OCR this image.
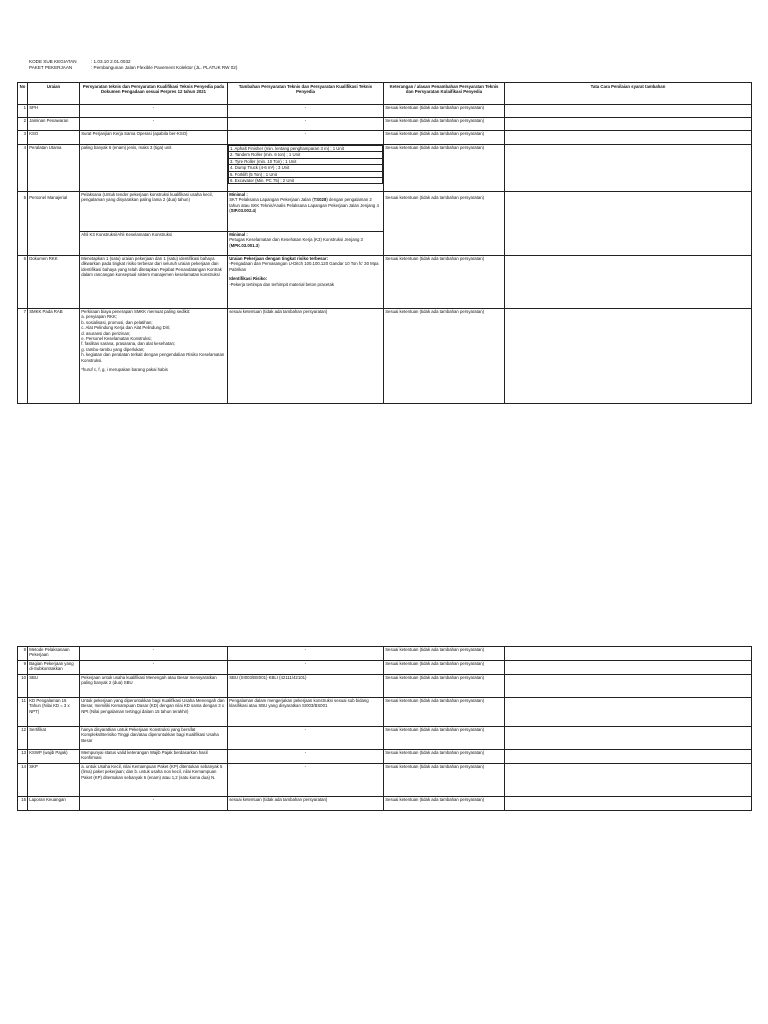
KODE SUB KEGIATAN	: 1.03.10 2.01.0032
PAKET PEKERJAAN	: Pembangunan Jalan Flexible Pavement Kolektor (JL. PLATUK RW 02)
No	Uraian	Persyaratan teknis dan Persyaratan Kualifikasi Teknis Penyedia pada Dokumen Pengadaan sesuai Perpres 12 tahun 2021	Tambahan Persyaratan Teknis dan Persyaratan Kualifikasi Teknis Penyedia	Keterangan / alasan Penambahan Persyaratan Teknis dan Persyaratan Kulaifikasi Penyedia	Tata Cara Penilaian syarat tambahan
1	SPH	-	-	Sesuai ketentuan (tidak ada tambahan persyaratan)	
2	Jaminan Penawaran	-	-	Sesuai ketentuan (tidak ada tambahan persyaratan)	
3	KSO	Surat Perjanjian Kerja Sama Operasi (apabila ber-KSO)	-	Sesuai ketentuan (tidak ada tambahan persyaratan)	
4	Peralatan Utama	paling banyak 6 (enam) jenis, maks 3 (tiga) unit		1. Aphalt Finisher (min. lentang penghamparan 3 m) ; 1 Unit
2. Tandem Roller (min. 6 ton) ; 1 Unit
3. Tyre Roller (min. 10 Ton) ; 1 Unit
4. Dump Truck (4-6 m³) ; 3 Unit
5. Forklift (5 Ton) ; 1 Unit
6. Excavator (Min. PC 75) ; 2 Unit
	Sesuai ketentuan (tidak ada tambahan persyaratan)	
5	Personel Manajerial	Pelaksana (Untuk tender pekerjaan konstruksi kualifikasi usaha kecil, pengalaman yang disyaratkan paling lama 2 (dua) tahun)	
Minimal :
SKT Pelaksana Lapangan Pekerjaan Jalan (TS028) dengan pengalaman 2 tahun atau SKK Teknis/Analis Pelaksana Lapangan Pekerjaan Jalan Jenjang 4 (SIP.03.002.4)	Sesuai ketentuan (tidak ada tambahan persyaratan)	
Ahli K3 Konstruksi/Ahli Keselamatan Konstruksi	Minimal :
Petugas Keselamatan dan Kesehatan Kerja (K3) Konstruksi Jenjang 3 (MPK.03.001.3)
6	Dokumen RKK	Menetapkan 1 (satu) uraian pekerjaan dan 1 (satu) identifikasi bahaya dikwarkan pada tingkat risiko terbesar dari seluruh uraian pekerjaan dan identifikasi bahaya yang telah ditetapkan Pejabat Penandatangan Kontrak dalam rancangan konseptual sistem manajemen keselamatan konstruksi	
Uraian Pekerjaan dengan tingkat risiko terbesar:
-Pengadaan dan Pemasangan U-Ditch 100.100.120 Gandar 10 Ton fc' 30 Mpa Pabrikan
Identifikasi Risiko:
-Pekerja tertimpa dan terhimpit material beton pracetak
	Sesuai ketentuan (tidak ada tambahan persyaratan)	
7	SMKK Pada RAB	Perkiraan biaya penerapan SMKK memuat paling sedikit:
a. penyiapan RKK;
b. sosialisasi, promosi, dan pelatihan;
c. Alat Pelindung Kerja dan Alat Pelindung Diri;
d. asuransi dan perizinan;
e. Personel Keselamatan Konstruksi;
f. fasilitas sarana, prasarana, dan alat kesehatan;
g. rambu-rambu yang diperlukan;
h. kegiatan dan peralatan terkait dengan pengendalian Risiko Keselamatan Konstruksi.
*huruf c, f, g, i merupakan barang pakai habis
	sesuai ketentuan (tidak ada tambahan persyaratan)	Sesuai ketentuan (tidak ada tambahan persyaratan)	
8	Metode Pelaksanaan Pekerjaan	-	-	Sesuai ketentuan (tidak ada tambahan persyaratan)	
9	Bagian Pekerjaan yang di-Subkontrakkan	-	-	Sesuai ketentuan (tidak ada tambahan persyaratan)	
10	SBU	Pekerjaan untuk usaha kualifikasi Menengah atau Besar mensyaratkan paling banyak 2 (dua) SBU	SBU (SI003/BS001) KBLI (42111/42101)	Sesuai ketentuan (tidak ada tambahan persyaratan)	
11	KD Pengalaman 15 Tahun (Nilai KD = 3 x NPT)	Untuk pekerjaan yang diperuntukkan bagi Kualifikasi Usaha Menengah dan Besar, memiliki Kemampuan Dasar (KD) dengan nilai KD sama dengan 3 x NPt (Nilai pengalaman tertinggi dalam 15 tahun terakhir)	Pengalaman dalam mengerjakan pekerjaan konstruksi sesuai sub bidang klasifikasi atau SBU yang disyaratkan SI003/BS001	Sesuai ketentuan (tidak ada tambahan persyaratan)	
12	Sertifikat	hanya disyaratkan untuk Pekerjaan Konstruksi yang bersifat Kompleks/Berisiko Tinggi dan/atau diperuntukkan bagi Kualifikasi Usaha Besar	-	Sesuai ketentuan (tidak ada tambahan persyaratan)	
13	KSWP (wajib Pajak)	Mempunyai status valid keterangan Wajib Pajak berdasarkan hasil Konfirmasi	-	Sesuai ketentuan (tidak ada tambahan persyaratan)	
14	SKP	a. untuk Usaha Kecil, nilai Kemampuan Paket (KP) ditentukan sebanyak 5 (lima) paket pekerjaan; dan b. untuk usaha non kecil, nilai Kemampuan Paket (KP) ditentukan sebanyak 6 (enam) atau 1,2 (satu koma dua) N.	-	Sesuai ketentuan (tidak ada tambahan persyaratan)	
15	Laporan Keuangan	-	sesuai ketentuan (tidak ada tambahan persyaratan)	Sesuai ketentuan (tidak ada tambahan persyaratan)	
